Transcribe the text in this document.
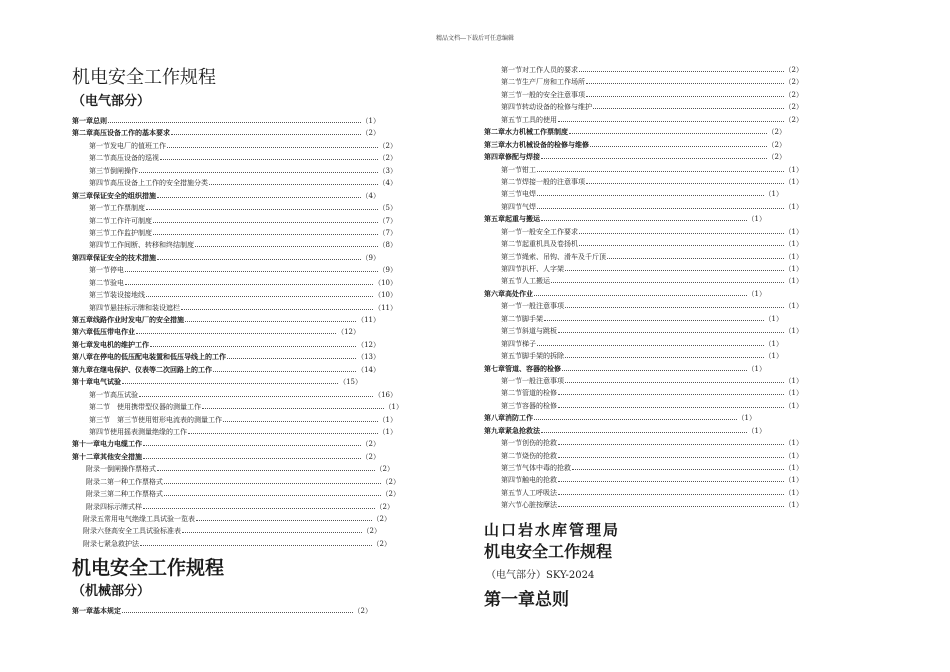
精品文档---下载后可任意编辑
机电安全工作规程
（电气部分）
第一章总则	（1）
第二章高压设备工作的基本要求	（2）
第一节发电厂的值班工作	（2）
第二节高压设备的巡视	（2）
第三节倒闸操作	（3）
第四节高压设备上工作的安全措施分类	（4）
第三章保证安全的组织措施	（4）
第一节工作票制度	（5）
第二节工作许可制度	（7）
第三节工作监护制度	（7）
第四节工作间断、转移和终结制度	（8）
第四章保证安全的技术措施	（9）
第一节停电	（9）
第二节验电	（10）
第三节装设接地线	（10）
第四节悬挂标示牌和装设遮栏	（11）
第五章线路作业时发电厂的安全措施	（11）
第六章低压带电作业	（12）
第七章发电机的维护工作	（12）
第八章在停电的低压配电装置和低压导线上的工作	（13）
第九章在继电保护、仪表等二次回路上的工作	（14）
第十章电气试验	（15）
第一节高压试验	（16）
第二节　使用携带型仪器的测量工作	（1）
第三节　第三节使用钳形电流表的测量工作	（1）
第四节使用摇表测量绝缘的工作	（1）
第十一章电力电缆工作	（2）
第十二章其他安全措施	（2）
附录一倒闸操作票格式	（2）
附录二第一种工作票格式	（2）
附录三第二种工作票格式	（2）
附录四标示牌式样	（2）
附录五常用电气绝缘工具试验一览表	（2）
附录六登高安全工具试验标准表	（2）
附录七紧急救护法	（2）
机电安全工作规程
（机械部分）
第一章基本规定	（2）
第一节对工作人员的要求	（2）
第二节生产厂房和工作场所	（2）
第三节一般的安全注意事项	（2）
第四节转动设备的检修与维护	（2）
第五节工具的使用	（2）
第二章水力机械工作票制度	（2）
第三章水力机械设备的检修与维修	（2）
第四章修配与焊接	（2）
第一节钳工	（1）
第二节焊接一般的注意事项	（1）
第三节电焊	（1）
第四节气焊	（1）
第五章起重与搬运	（1）
第一节一般安全工作要求	（1）
第二节起重机具及卷扬机	（1）
第三节绳索、吊钩、滑车及千斤顶	（1）
第四节扒杆、人字架	（1）
第五节人工搬运	（1）
第六章高处作业	（1）
第一节一般注意事项	（1）
第二节脚手架	（1）
第三节斜道与跳板	（1）
第四节梯子	（1）
第五节脚手架的拆除	（1）
第七章管道、容器的检修	（1）
第一节一般注意事项	（1）
第二节管道的检修	（1）
第三节容器的检修	（1）
第八章消防工作	（1）
第九章紧急抢救法	（1）
第一节创伤的抢救	（1）
第二节烧伤的抢救	（1）
第三节气体中毒的抢救	（1）
第四节触电的抢救	（1）
第五节人工呼吸法	（1）
第六节心脏按摩法	（1）
山口岩水库管理局
机电安全工作规程
（电气部分）SKY-2024
第一章总则
